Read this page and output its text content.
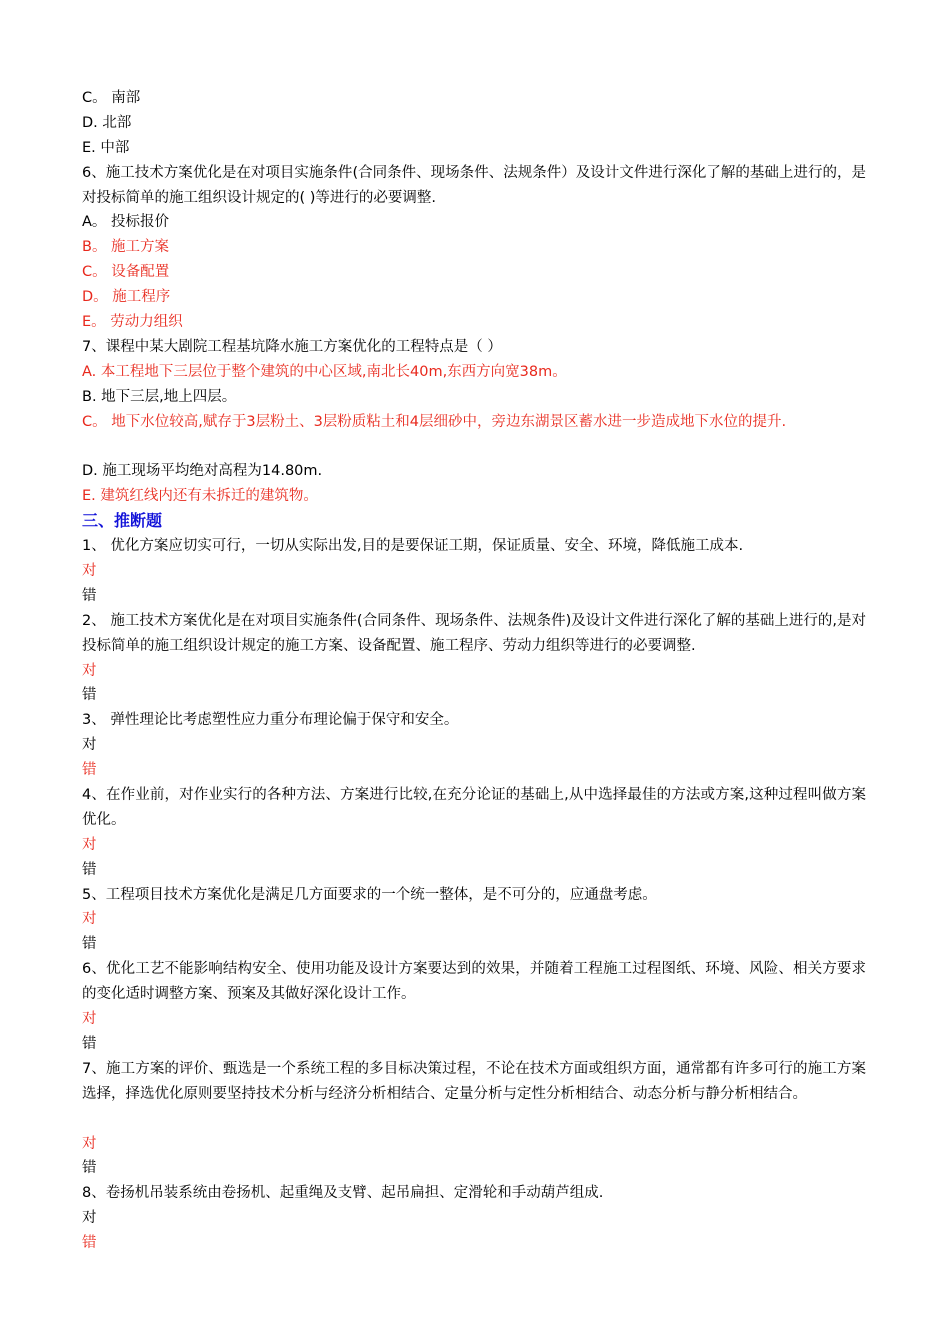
C。 南部
D. 北部
E. 中部
6、施工技术方案优化是在对项目实施条件(合同条件、现场条件、法规条件）及设计文件进行深化了解的基础上进行的，是对投标简单的施工组织设计规定的( )等进行的必要调整.
A。 投标报价
B。 施工方案
C。 设备配置
D。 施工程序
E。 劳动力组织
7、课程中某大剧院工程基坑降水施工方案优化的工程特点是（ ）
A. 本工程地下三层位于整个建筑的中心区域,南北长40m,东西方向宽38m。
B. 地下三层,地上四层。
C。 地下水位较高,赋存于3层粉土、3层粉质粘土和4层细砂中，旁边东湖景区蓄水进一步造成地下水位的提升.
D. 施工现场平均绝对高程为14.80m.
E. 建筑红线内还有未拆迁的建筑物。
三、推断题
1、 优化方案应切实可行，一切从实际出发,目的是要保证工期，保证质量、安全、环境，降低施工成本.
对
错
2、 施工技术方案优化是在对项目实施条件(合同条件、现场条件、法规条件)及设计文件进行深化了解的基础上进行的,是对投标简单的施工组织设计规定的施工方案、设备配置、施工程序、劳动力组织等进行的必要调整.
对
错
3、 弹性理论比考虑塑性应力重分布理论偏于保守和安全。
对
错
4、在作业前，对作业实行的各种方法、方案进行比较,在充分论证的基础上,从中选择最佳的方法或方案,这种过程叫做方案优化。
对
错
5、工程项目技术方案优化是满足几方面要求的一个统一整体，是不可分的，应通盘考虑。
对
错
6、优化工艺不能影响结构安全、使用功能及设计方案要达到的效果，并随着工程施工过程图纸、环境、风险、相关方要求的变化适时调整方案、预案及其做好深化设计工作。
对
错
7、施工方案的评价、甄选是一个系统工程的多目标决策过程，不论在技术方面或组织方面，通常都有许多可行的施工方案选择，择选优化原则要坚持技术分析与经济分析相结合、定量分析与定性分析相结合、动态分析与静分析相结合。
对
错
8、卷扬机吊装系统由卷扬机、起重绳及支臂、起吊扁担、定滑轮和手动葫芦组成.
对
错
